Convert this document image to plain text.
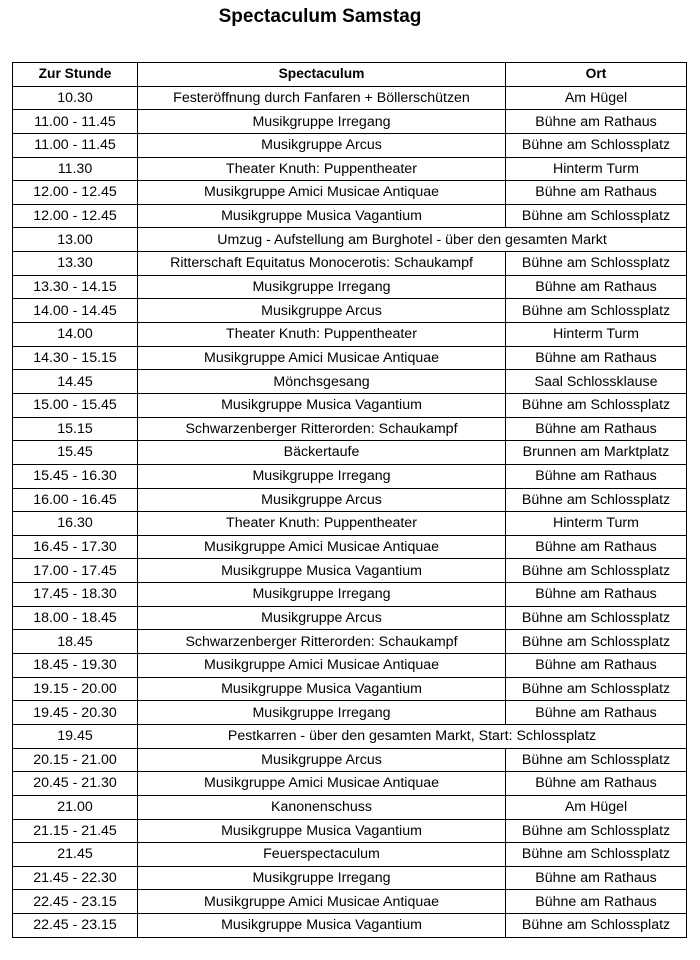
Spectaculum Samstag
Zur Stunde	Spectaculum	Ort
10.30	Festeröffnung durch Fanfaren + Böllerschützen	Am Hügel
11.00 - 11.45	Musikgruppe Irregang	Bühne am Rathaus
11.00 - 11.45	Musikgruppe Arcus	Bühne am Schlossplatz
11.30	Theater Knuth: Puppentheater	Hinterm Turm
12.00 - 12.45	Musikgruppe Amici Musicae Antiquae	Bühne am Rathaus
12.00 - 12.45	Musikgruppe Musica Vagantium	Bühne am Schlossplatz
13.00	Umzug - Aufstellung am Burghotel - über den gesamten Markt	
13.30	Ritterschaft Equitatus Monocerotis: Schaukampf	Bühne am Schlossplatz
13.30 - 14.15	Musikgruppe Irregang	Bühne am Rathaus
14.00 - 14.45	Musikgruppe Arcus	Bühne am Schlossplatz
14.00	Theater Knuth: Puppentheater	Hinterm Turm
14.30 - 15.15	Musikgruppe Amici Musicae Antiquae	Bühne am Rathaus
14.45	Mönchsgesang	Saal Schlossklause
15.00 - 15.45	Musikgruppe Musica Vagantium	Bühne am Schlossplatz
15.15	Schwarzenberger Ritterorden: Schaukampf	Bühne am Rathaus
15.45	Bäckertaufe	Brunnen am Marktplatz
15.45 - 16.30	Musikgruppe Irregang	Bühne am Rathaus
16.00 - 16.45	Musikgruppe Arcus	Bühne am Schlossplatz
16.30	Theater Knuth: Puppentheater	Hinterm Turm
16.45 - 17.30	Musikgruppe Amici Musicae Antiquae	Bühne am Rathaus
17.00 - 17.45	Musikgruppe Musica Vagantium	Bühne am Schlossplatz
17.45 - 18.30	Musikgruppe Irregang	Bühne am Rathaus
18.00 - 18.45	Musikgruppe Arcus	Bühne am Schlossplatz
18.45	Schwarzenberger Ritterorden: Schaukampf	Bühne am Schlossplatz
18.45 - 19.30	Musikgruppe Amici Musicae Antiquae	Bühne am Rathaus
19.15 - 20.00	Musikgruppe Musica Vagantium	Bühne am Schlossplatz
19.45 - 20.30	Musikgruppe Irregang	Bühne am Rathaus
19.45	Pestkarren - über den gesamten Markt, Start: Schlossplatz	
20.15 - 21.00	Musikgruppe Arcus	Bühne am Schlossplatz
20.45 - 21.30	Musikgruppe Amici Musicae Antiquae	Bühne am Rathaus
21.00	Kanonenschuss	Am Hügel
21.15 - 21.45	Musikgruppe Musica Vagantium	Bühne am Schlossplatz
21.45	Feuerspectaculum	Bühne am Schlossplatz
21.45 - 22.30	Musikgruppe Irregang	Bühne am Rathaus
22.45 - 23.15	Musikgruppe Amici Musicae Antiquae	Bühne am Rathaus
22.45 - 23.15	Musikgruppe Musica Vagantium	Bühne am Schlossplatz
